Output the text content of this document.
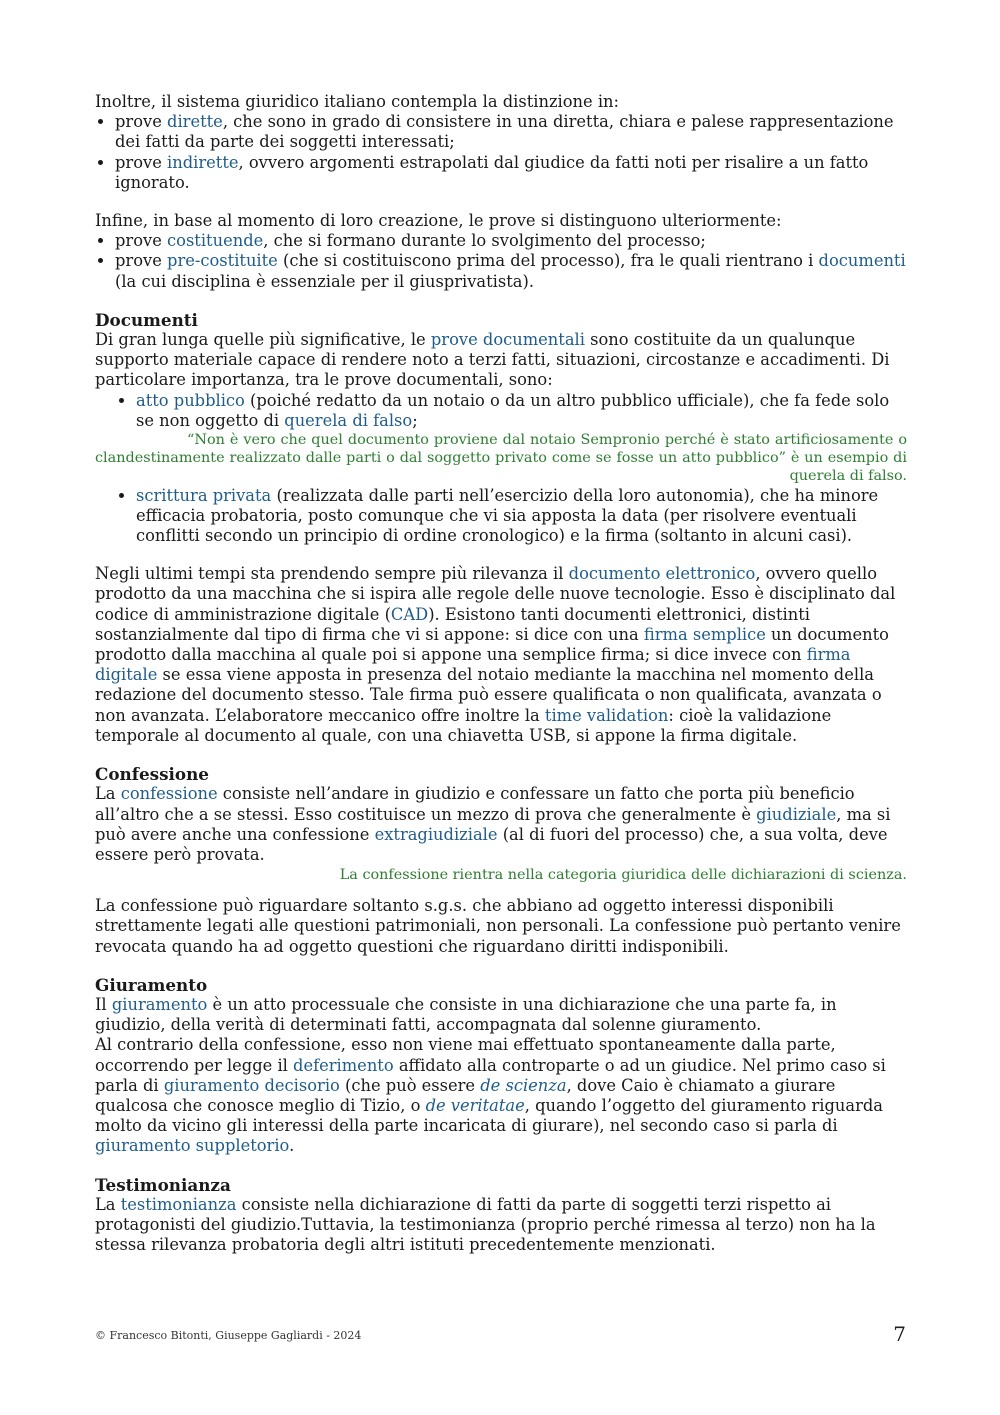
Inoltre, il sistema giuridico italiano contempla la distinzione in:

• prove dirette, che sono in grado di consistere in una diretta, chiara e palese rappresentazione dei fatti da parte dei soggetti interessati;
• prove indirette, ovvero argomenti estrapolati dal giudice da fatti noti per risalire a un fatto ignorato.

Infine, in base al momento di loro creazione, le prove si distinguono ulteriormente:

• prove costituende, che si formano durante lo svolgimento del processo;
• prove pre-costituite (che si costituiscono prima del processo), fra le quali rientrano i documenti (la cui disciplina è essenziale per il giusprivatista).
Documenti

Di gran lunga quelle più significative, le prove documentali sono costituite da un qualunque supporto materiale capace di rendere noto a terzi fatti, situazioni, circostanze e accadimenti. Di particolare importanza, tra le prove documentali, sono:

• atto pubblico (poiché redatto da un notaio o da un altro pubblico ufficiale), che fa fede solo se non oggetto di querela di falso;

“Non è vero che quel documento proviene dal notaio Sempronio perché è stato artificiosamente o clandestinamente realizzato dalle parti o dal soggetto privato come se fosse un atto pubblico” è un esempio di querela di falso.

• scrittura privata (realizzata dalle parti nell’esercizio della loro autonomia), che ha minore efficacia probatoria, posto comunque che vi sia apposta la data (per risolvere eventuali conflitti secondo un principio di ordine cronologico) e la firma (soltanto in alcuni casi).

Negli ultimi tempi sta prendendo sempre più rilevanza il documento elettronico, ovvero quello prodotto da una macchina che si ispira alle regole delle nuove tecnologie. Esso è disciplinato dal codice di amministrazione digitale (CAD). Esistono tanti documenti elettronici, distinti sostanzialmente dal tipo di firma che vi si appone: si dice con una firma semplice un documento prodotto dalla macchina al quale poi si appone una semplice firma; si dice invece con firma digitale se essa viene apposta in presenza del notaio mediante la macchina nel momento della redazione del documento stesso. Tale firma può essere qualificata o non qualificata, avanzata o non avanzata. L’elaboratore meccanico offre inoltre la time validation: cioè la validazione temporale al documento al quale, con una chiavetta USB, si appone la firma digitale.

Confessione

La confessione consiste nell’andare in giudizio e confessare un fatto che porta più beneficio all’altro che a se stessi. Esso costituisce un mezzo di prova che generalmente è giudiziale, ma si può avere anche una confessione extragiudiziale (al di fuori del processo) che, a sua volta, deve essere però provata.

La confessione rientra nella categoria giuridica delle dichiarazioni di scienza.

La confessione può riguardare soltanto s.g.s. che abbiano ad oggetto interessi disponibili strettamente legati alle questioni patrimoniali, non personali. La confessione può pertanto venire revocata quando ha ad oggetto questioni che riguardano diritti indisponibili.

Giuramento

Il giuramento è un atto processuale che consiste in una dichiarazione che una parte fa, in giudizio, della verità di determinati fatti, accompagnata dal solenne giuramento.

Al contrario della confessione, esso non viene mai effettuato spontaneamente dalla parte, occorrendo per legge il deferimento affidato alla controparte o ad un giudice. Nel primo caso si parla di giuramento decisorio (che può essere de scienza, dove Caio è chiamato a giurare qualcosa che conosce meglio di Tizio, o de veritatae, quando l’oggetto del giuramento riguarda molto da vicino gli interessi della parte incaricata di giurare), nel secondo caso si parla di giuramento suppletorio.

Testimonianza

La testimonianza consiste nella dichiarazione di fatti da parte di soggetti terzi rispetto ai protagonisti del giudizio.Tuttavia, la testimonianza (proprio perché rimessa al terzo) non ha la stessa rilevanza probatoria degli altri istituti precedentemente menzionati.

© Francesco Bitonti, Giuseppe Gagliardi - 2024	7
